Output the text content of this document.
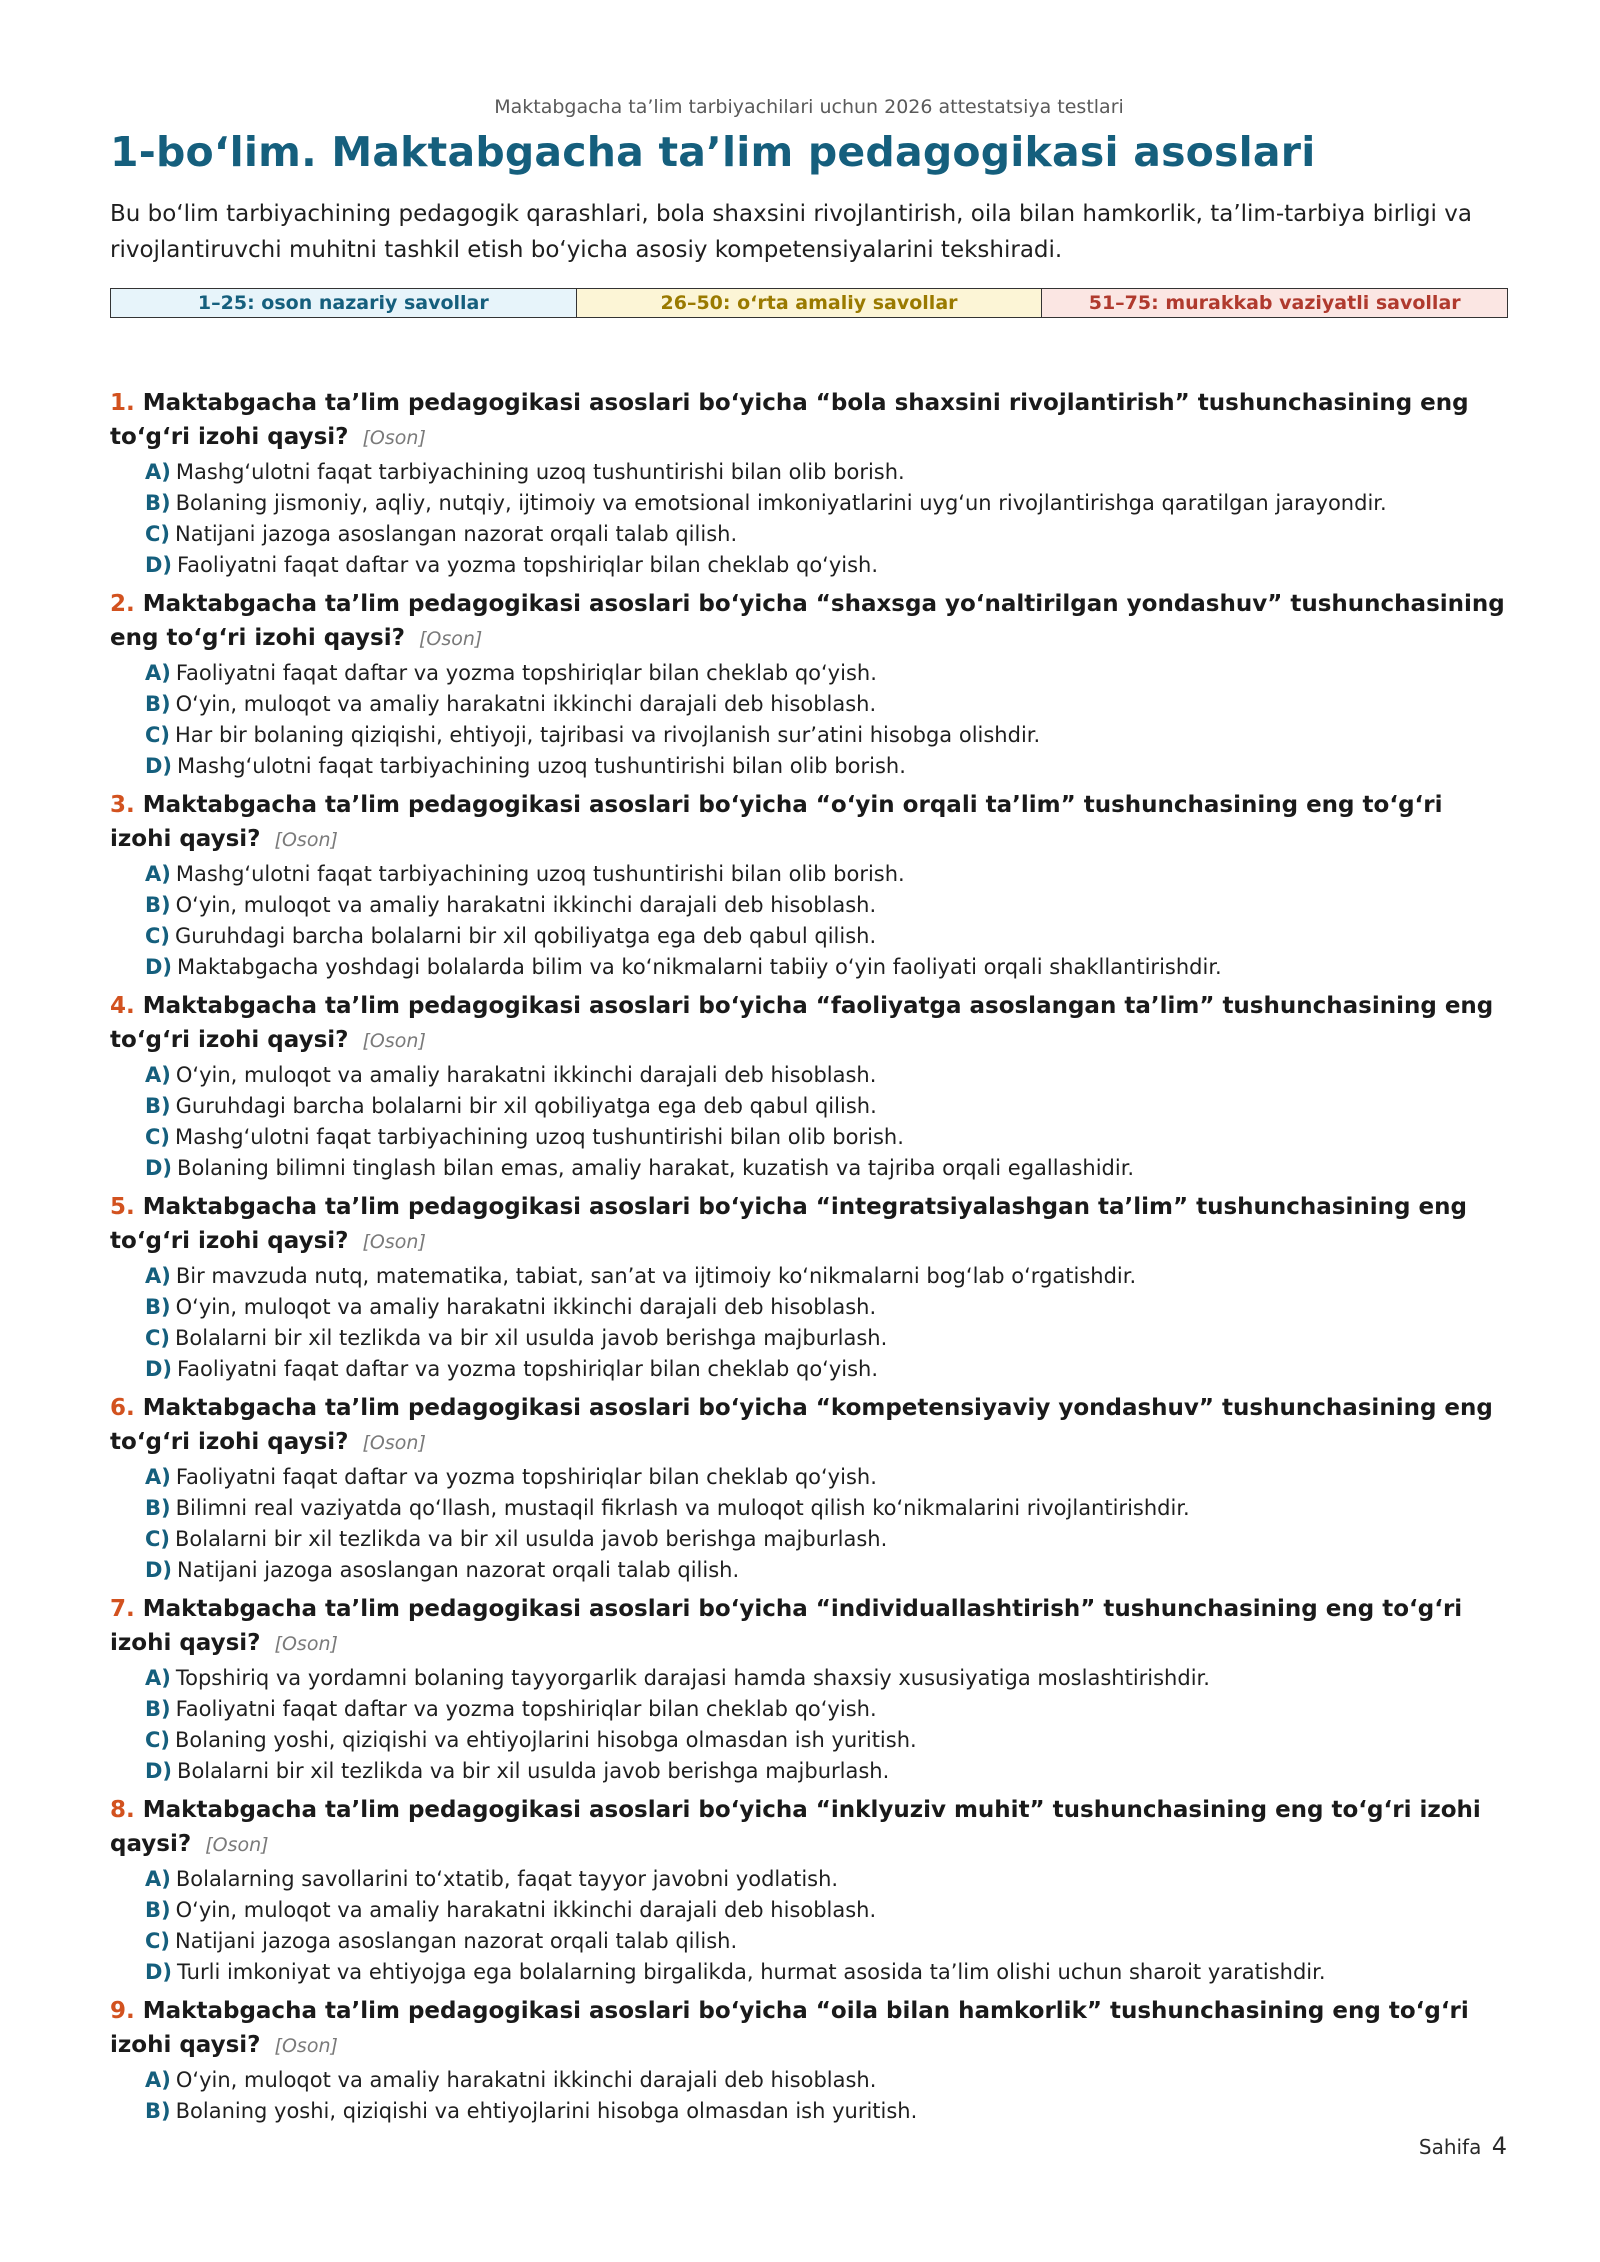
Maktabgacha ta’lim tarbiyachilari uchun 2026 attestatsiya testlari
1-bo‘lim. Maktabgacha ta’lim pedagogikasi asoslari
Bu bo‘lim tarbiyachining pedagogik qarashlari, bola shaxsini rivojlantirish, oila bilan hamkorlik, ta’lim-tarbiya birligi va rivojlantiruvchi muhitni tashkil etish bo‘yicha asosiy kompetensiyalarini tekshiradi.
1–25: oson nazariy savollar	26–50: o‘rta amaliy savollar	51–75: murakkab vaziyatli savollar
1. Maktabgacha ta’lim pedagogikasi asoslari bo‘yicha “bola shaxsini rivojlantirish” tushunchasining eng to‘g‘ri izohi qaysi? [Oson]
A) Mashg‘ulotni faqat tarbiyachining uzoq tushuntirishi bilan olib borish.
B) Bolaning jismoniy, aqliy, nutqiy, ijtimoiy va emotsional imkoniyatlarini uyg‘un rivojlantirishga qaratilgan jarayondir.
C) Natijani jazoga asoslangan nazorat orqali talab qilish.
D) Faoliyatni faqat daftar va yozma topshiriqlar bilan cheklab qo‘yish.
2. Maktabgacha ta’lim pedagogikasi asoslari bo‘yicha “shaxsga yo‘naltirilgan yondashuv” tushunchasining eng to‘g‘ri izohi qaysi? [Oson]
A) Faoliyatni faqat daftar va yozma topshiriqlar bilan cheklab qo‘yish.
B) O‘yin, muloqot va amaliy harakatni ikkinchi darajali deb hisoblash.
C) Har bir bolaning qiziqishi, ehtiyoji, tajribasi va rivojlanish sur’atini hisobga olishdir.
D) Mashg‘ulotni faqat tarbiyachining uzoq tushuntirishi bilan olib borish.
3. Maktabgacha ta’lim pedagogikasi asoslari bo‘yicha “o‘yin orqali ta’lim” tushunchasining eng to‘g‘ri izohi qaysi? [Oson]
A) Mashg‘ulotni faqat tarbiyachining uzoq tushuntirishi bilan olib borish.
B) O‘yin, muloqot va amaliy harakatni ikkinchi darajali deb hisoblash.
C) Guruhdagi barcha bolalarni bir xil qobiliyatga ega deb qabul qilish.
D) Maktabgacha yoshdagi bolalarda bilim va ko‘nikmalarni tabiiy o‘yin faoliyati orqali shakllantirishdir.
4. Maktabgacha ta’lim pedagogikasi asoslari bo‘yicha “faoliyatga asoslangan ta’lim” tushunchasining eng to‘g‘ri izohi qaysi? [Oson]
A) O‘yin, muloqot va amaliy harakatni ikkinchi darajali deb hisoblash.
B) Guruhdagi barcha bolalarni bir xil qobiliyatga ega deb qabul qilish.
C) Mashg‘ulotni faqat tarbiyachining uzoq tushuntirishi bilan olib borish.
D) Bolaning bilimni tinglash bilan emas, amaliy harakat, kuzatish va tajriba orqali egallashidir.
5. Maktabgacha ta’lim pedagogikasi asoslari bo‘yicha “integratsiyalashgan ta’lim” tushunchasining eng to‘g‘ri izohi qaysi? [Oson]
A) Bir mavzuda nutq, matematika, tabiat, san’at va ijtimoiy ko‘nikmalarni bog‘lab o‘rgatishdir.
B) O‘yin, muloqot va amaliy harakatni ikkinchi darajali deb hisoblash.
C) Bolalarni bir xil tezlikda va bir xil usulda javob berishga majburlash.
D) Faoliyatni faqat daftar va yozma topshiriqlar bilan cheklab qo‘yish.
6. Maktabgacha ta’lim pedagogikasi asoslari bo‘yicha “kompetensiyaviy yondashuv” tushunchasining eng to‘g‘ri izohi qaysi? [Oson]
A) Faoliyatni faqat daftar va yozma topshiriqlar bilan cheklab qo‘yish.
B) Bilimni real vaziyatda qo‘llash, mustaqil fikrlash va muloqot qilish ko‘nikmalarini rivojlantirishdir.
C) Bolalarni bir xil tezlikda va bir xil usulda javob berishga majburlash.
D) Natijani jazoga asoslangan nazorat orqali talab qilish.
7. Maktabgacha ta’lim pedagogikasi asoslari bo‘yicha “individuallashtirish” tushunchasining eng to‘g‘ri izohi qaysi? [Oson]
A) Topshiriq va yordamni bolaning tayyorgarlik darajasi hamda shaxsiy xususiyatiga moslashtirishdir.
B) Faoliyatni faqat daftar va yozma topshiriqlar bilan cheklab qo‘yish.
C) Bolaning yoshi, qiziqishi va ehtiyojlarini hisobga olmasdan ish yuritish.
D) Bolalarni bir xil tezlikda va bir xil usulda javob berishga majburlash.
8. Maktabgacha ta’lim pedagogikasi asoslari bo‘yicha “inklyuziv muhit” tushunchasining eng to‘g‘ri izohi qaysi? [Oson]
A) Bolalarning savollarini to‘xtatib, faqat tayyor javobni yodlatish.
B) O‘yin, muloqot va amaliy harakatni ikkinchi darajali deb hisoblash.
C) Natijani jazoga asoslangan nazorat orqali talab qilish.
D) Turli imkoniyat va ehtiyojga ega bolalarning birgalikda, hurmat asosida ta’lim olishi uchun sharoit yaratishdir.
9. Maktabgacha ta’lim pedagogikasi asoslari bo‘yicha “oila bilan hamkorlik” tushunchasining eng to‘g‘ri izohi qaysi? [Oson]
A) O‘yin, muloqot va amaliy harakatni ikkinchi darajali deb hisoblash.
B) Bolaning yoshi, qiziqishi va ehtiyojlarini hisobga olmasdan ish yuritish.
Sahifa 4
